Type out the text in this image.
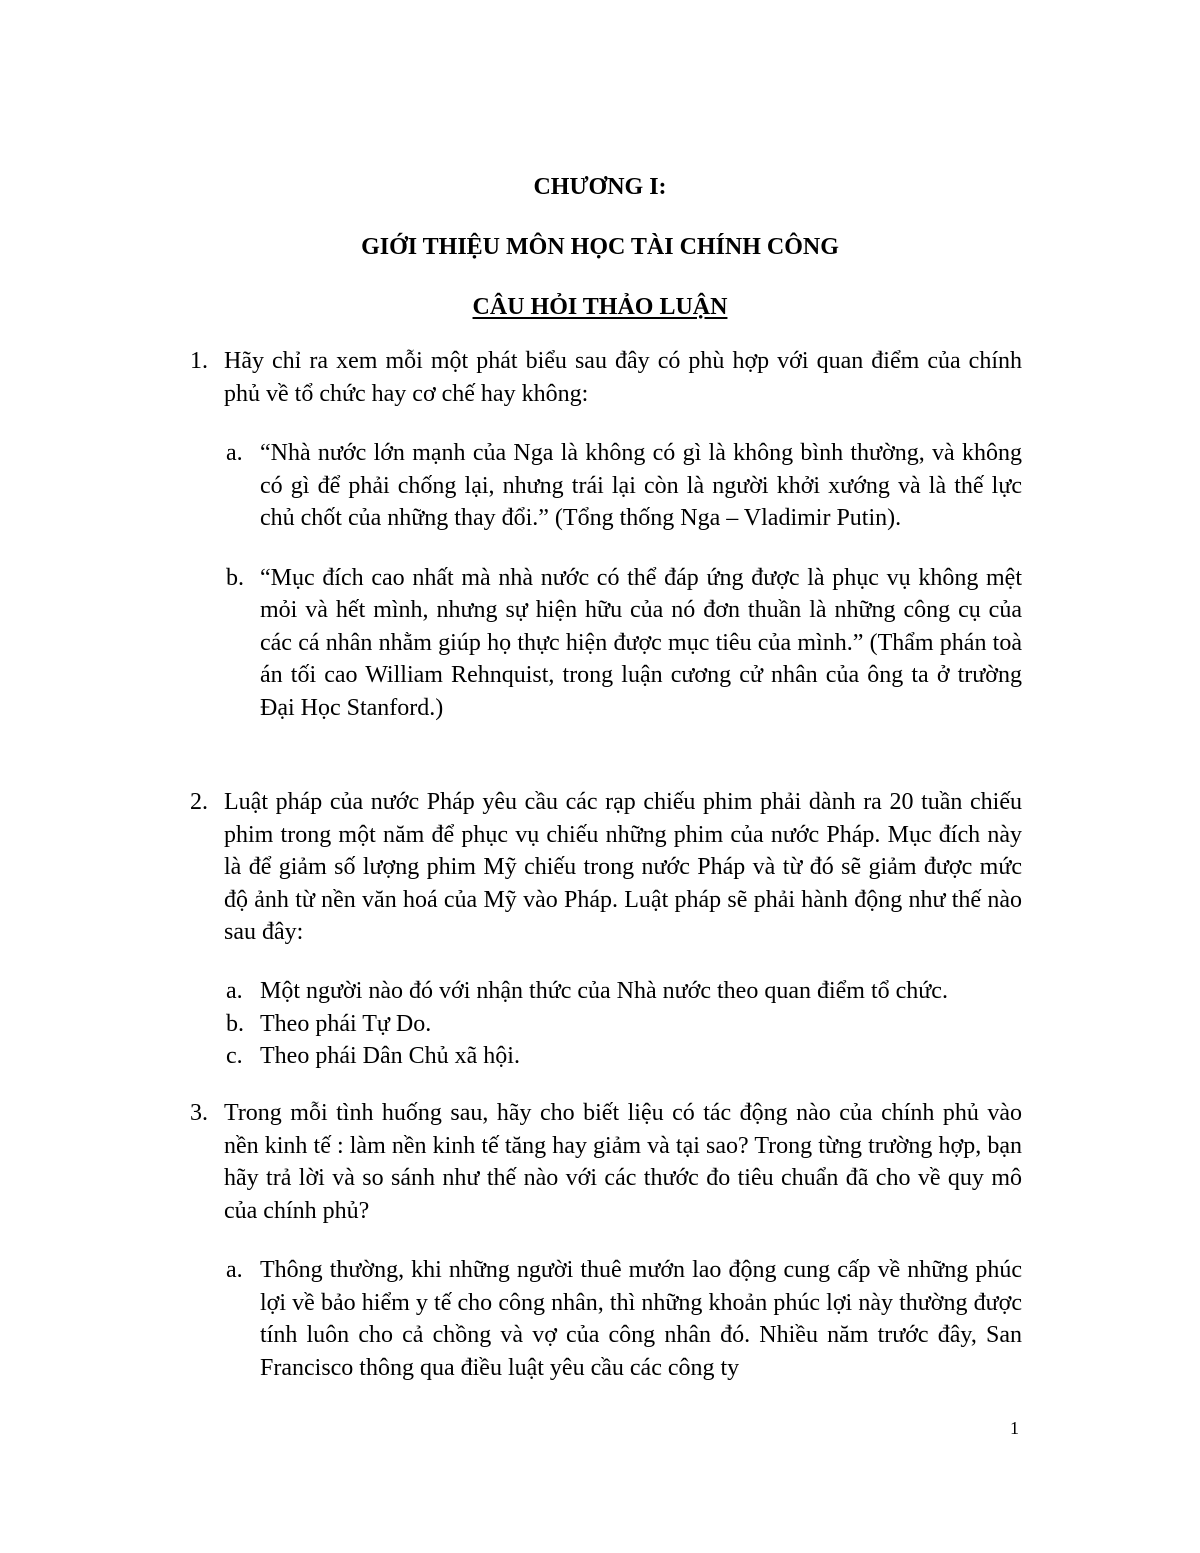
CHƯƠNG I:
GIỚI THIỆU MÔN HỌC TÀI CHÍNH CÔNG
CÂU HỎI THẢO LUẬN
1. Hãy chỉ ra xem mỗi một phát biểu sau đây có phù hợp với quan điểm của chính phủ về tổ chức hay cơ chế hay không:
a. “Nhà nước lớn mạnh của Nga là không có gì là không bình thường, và không có gì để phải chống lại, nhưng trái lại còn là người khởi xướng và là thế lực chủ chốt của những thay đổi.” (Tổng thống Nga – Vladimir Putin).
b. “Mục đích cao nhất mà nhà nước có thể đáp ứng được là phục vụ không mệt mỏi và hết mình, nhưng sự hiện hữu của nó đơn thuần là những công cụ của các cá nhân nhằm giúp họ thực hiện được mục tiêu của mình.” (Thẩm phán toà án tối cao William Rehnquist, trong luận cương cử nhân của ông ta ở trường Đại Học Stanford.)
2. Luật pháp của nước Pháp yêu cầu các rạp chiếu phim phải dành ra 20 tuần chiếu phim trong một năm để phục vụ chiếu những phim của nước Pháp. Mục đích này là để giảm số lượng phim Mỹ chiếu trong nước Pháp và từ đó sẽ giảm được mức độ ảnh từ nền văn hoá của Mỹ vào Pháp. Luật pháp sẽ phải hành động như thế nào sau đây:
a. Một người nào đó với nhận thức của Nhà nước theo quan điểm tổ chức.
b. Theo phái Tự Do.
c. Theo phái Dân Chủ xã hội.
3. Trong mỗi tình huống sau, hãy cho biết liệu có tác động nào của chính phủ vào nền kinh tế : làm nền kinh tế tăng hay giảm và tại sao? Trong từng trường hợp, bạn hãy trả lời và so sánh như thế nào với các thước đo tiêu chuẩn đã cho về quy mô của chính phủ?
a. Thông thường, khi những người thuê mướn lao động cung cấp về những phúc lợi về bảo hiểm y tế cho công nhân, thì những khoản phúc lợi này thường được tính luôn cho cả chồng và vợ của công nhân đó. Nhiều năm trước đây, San Francisco thông qua điều luật yêu cầu các công ty
1
